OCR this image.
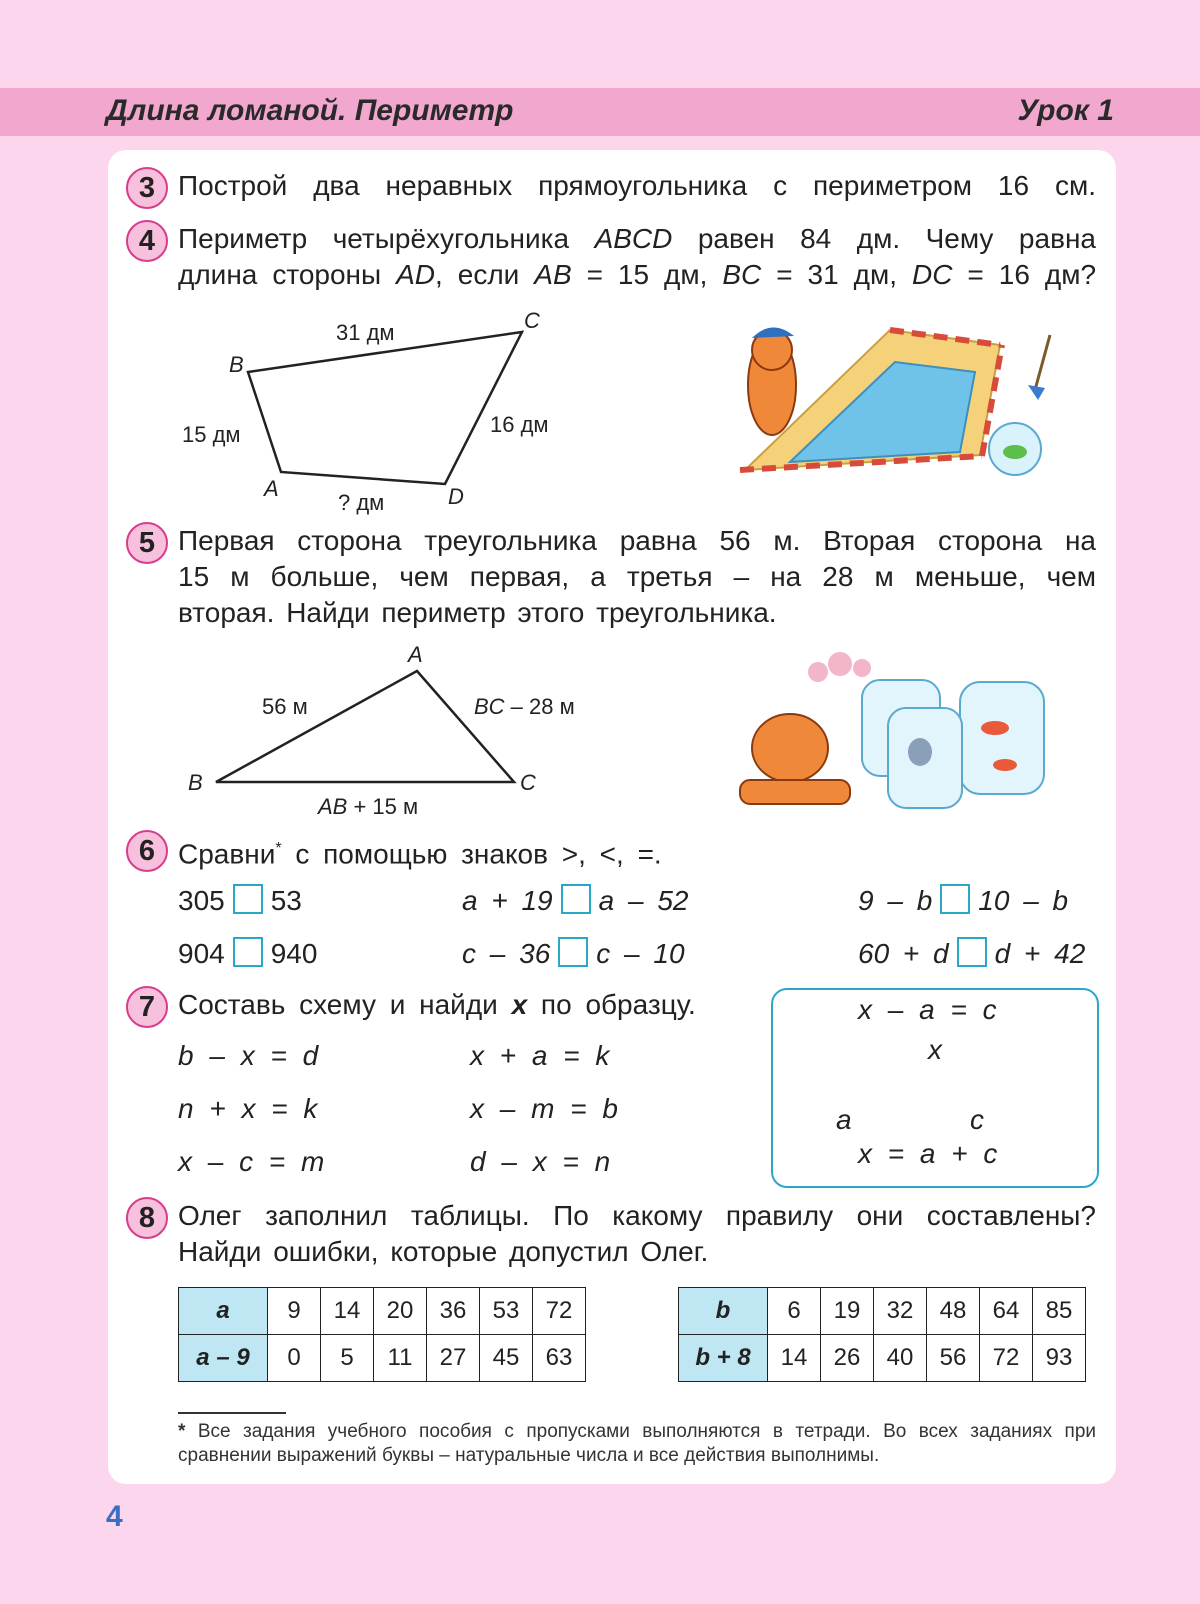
Длина ломаной. Периметр	Урок 1
3 Построй два неравных прямоугольника с периметром 16 см.
4 Периметр четырёхугольника ABCD равен 84 дм. Чему равна
длина стороны AD, если AB = 15 дм, BC = 31 дм, DC = 16 дм?
B
C
A	D
31 дм
15 дм	16 дм
? дм
5 Первая сторона треугольника равна 56 м. Вторая сторона на
15 м больше, чем первая, а третья – на 28 м меньше, чем
вторая. Найди периметр этого треугольника.
A
B	C
56 м	BC – 28 м
AB + 15 м
6 Сравни* с помощью знаков >, <, =.
305 53	a + 19 a – 52	9 – b 10 – b
904 940	c – 36 c – 10	60 + d d + 42
7 Составь схему и найди x по образцу.
b – x = d
n + x = k
x – c = m
x + a = k
x – m = b
d – x = n
x – a = c
x
a	c
x = a + c
8 Олег заполнил таблицы. По какому правилу они составлены?
Найди ошибки, которые допустил Олег.
a	9	14	20	36	53	72
a – 9	0	5	11	27	45	63
b	6	19	32	48	64	85
b + 8	14	26	40	56	72	93
* Все задания учебного пособия с пропусками выполняются в тетради. Во всех заданиях при сравнении выражений буквы – натуральные числа и все действия выполнимы.
4
